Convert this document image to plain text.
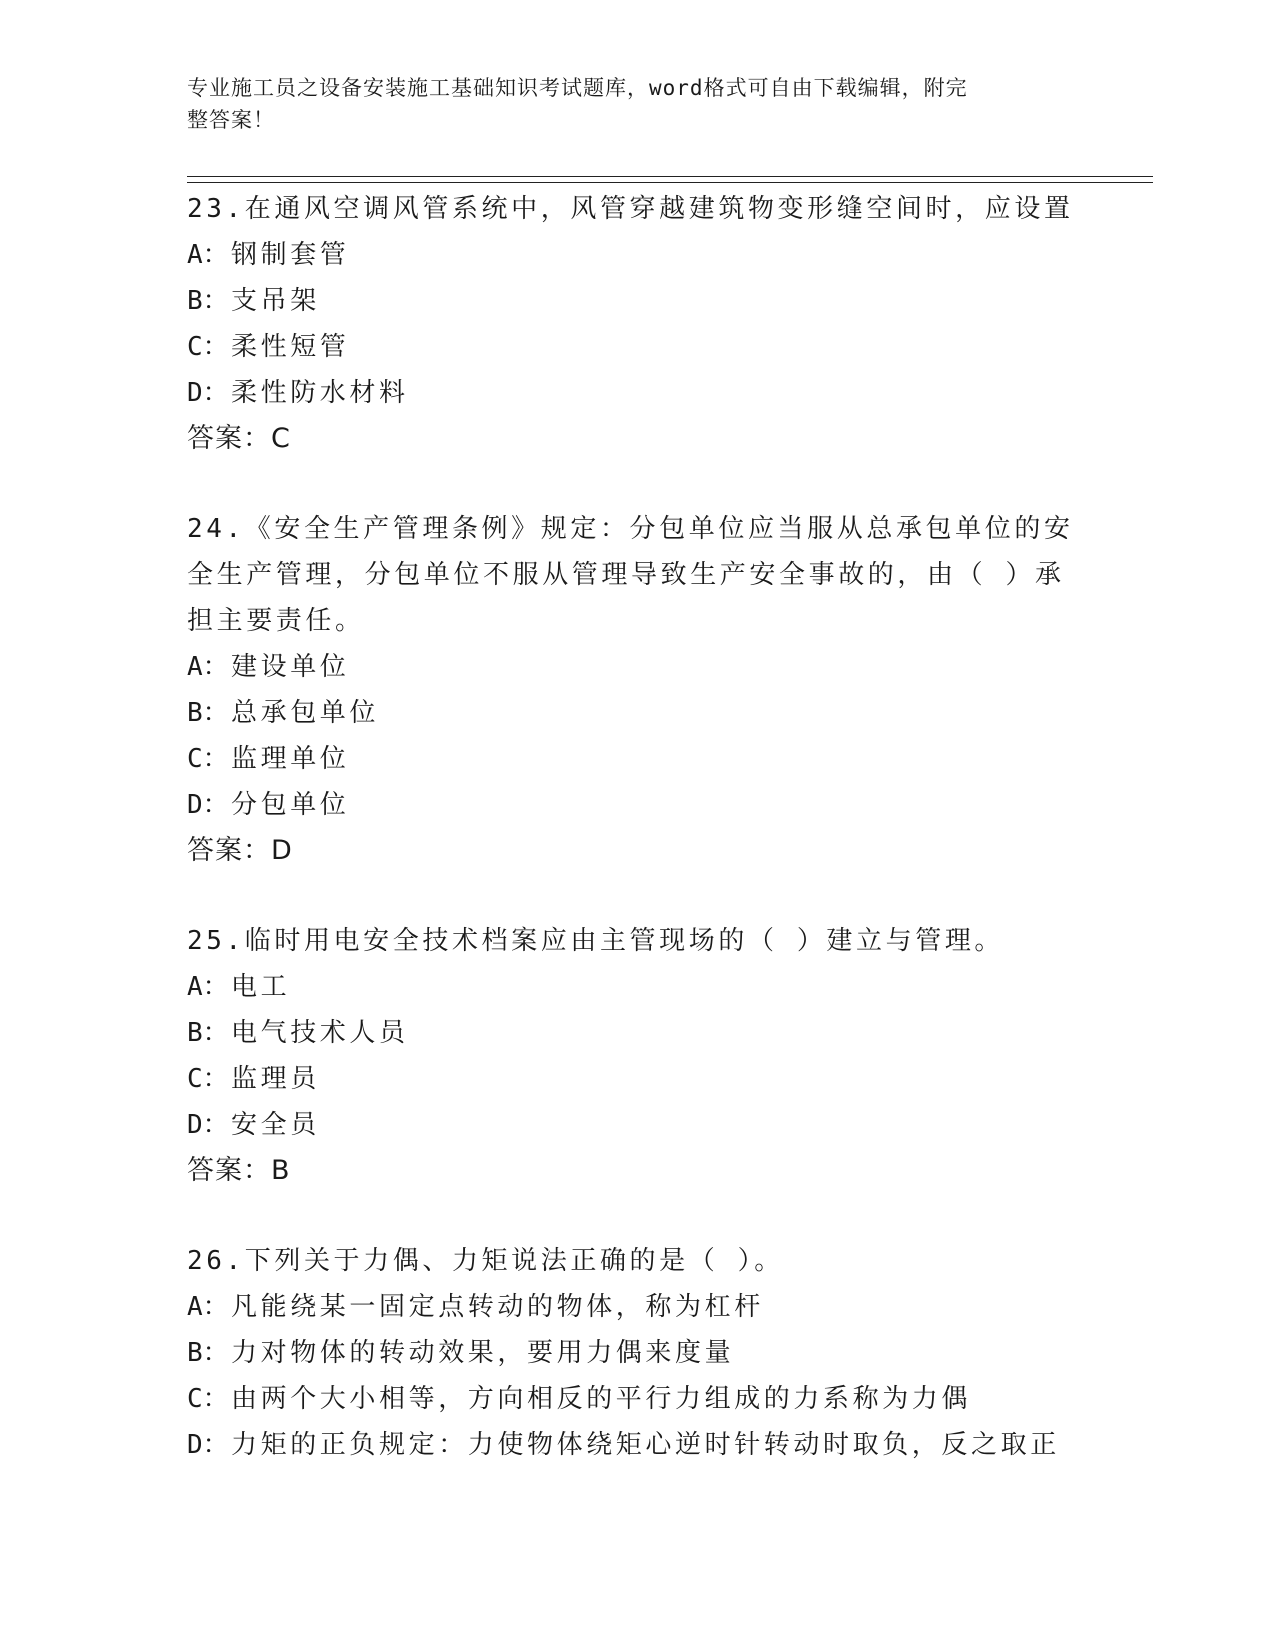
专业施工员之设备安装施工基础知识考试题库，word格式可自由下载编辑，附完
整答案！
23.在通风空调风管系统中，风管穿越建筑物变形缝空间时，应设置
A：钢制套管
B：支吊架
C：柔性短管
D：柔性防水材料
答案：C
24.《安全生产管理条例》规定：分包单位应当服从总承包单位的安全生产管理，分包单位不服从管理导致生产安全事故的，由（ ）承担主要责任。
A：建设单位
B：总承包单位
C：监理单位
D：分包单位
答案：D
25.临时用电安全技术档案应由主管现场的（ ）建立与管理。
A：电工
B：电气技术人员
C：监理员
D：安全员
答案：B
26.下列关于力偶、力矩说法正确的是（ ）。
A：凡能绕某一固定点转动的物体，称为杠杆
B：力对物体的转动效果，要用力偶来度量
C：由两个大小相等，方向相反的平行力组成的力系称为力偶
D：力矩的正负规定：力使物体绕矩心逆时针转动时取负，反之取正
